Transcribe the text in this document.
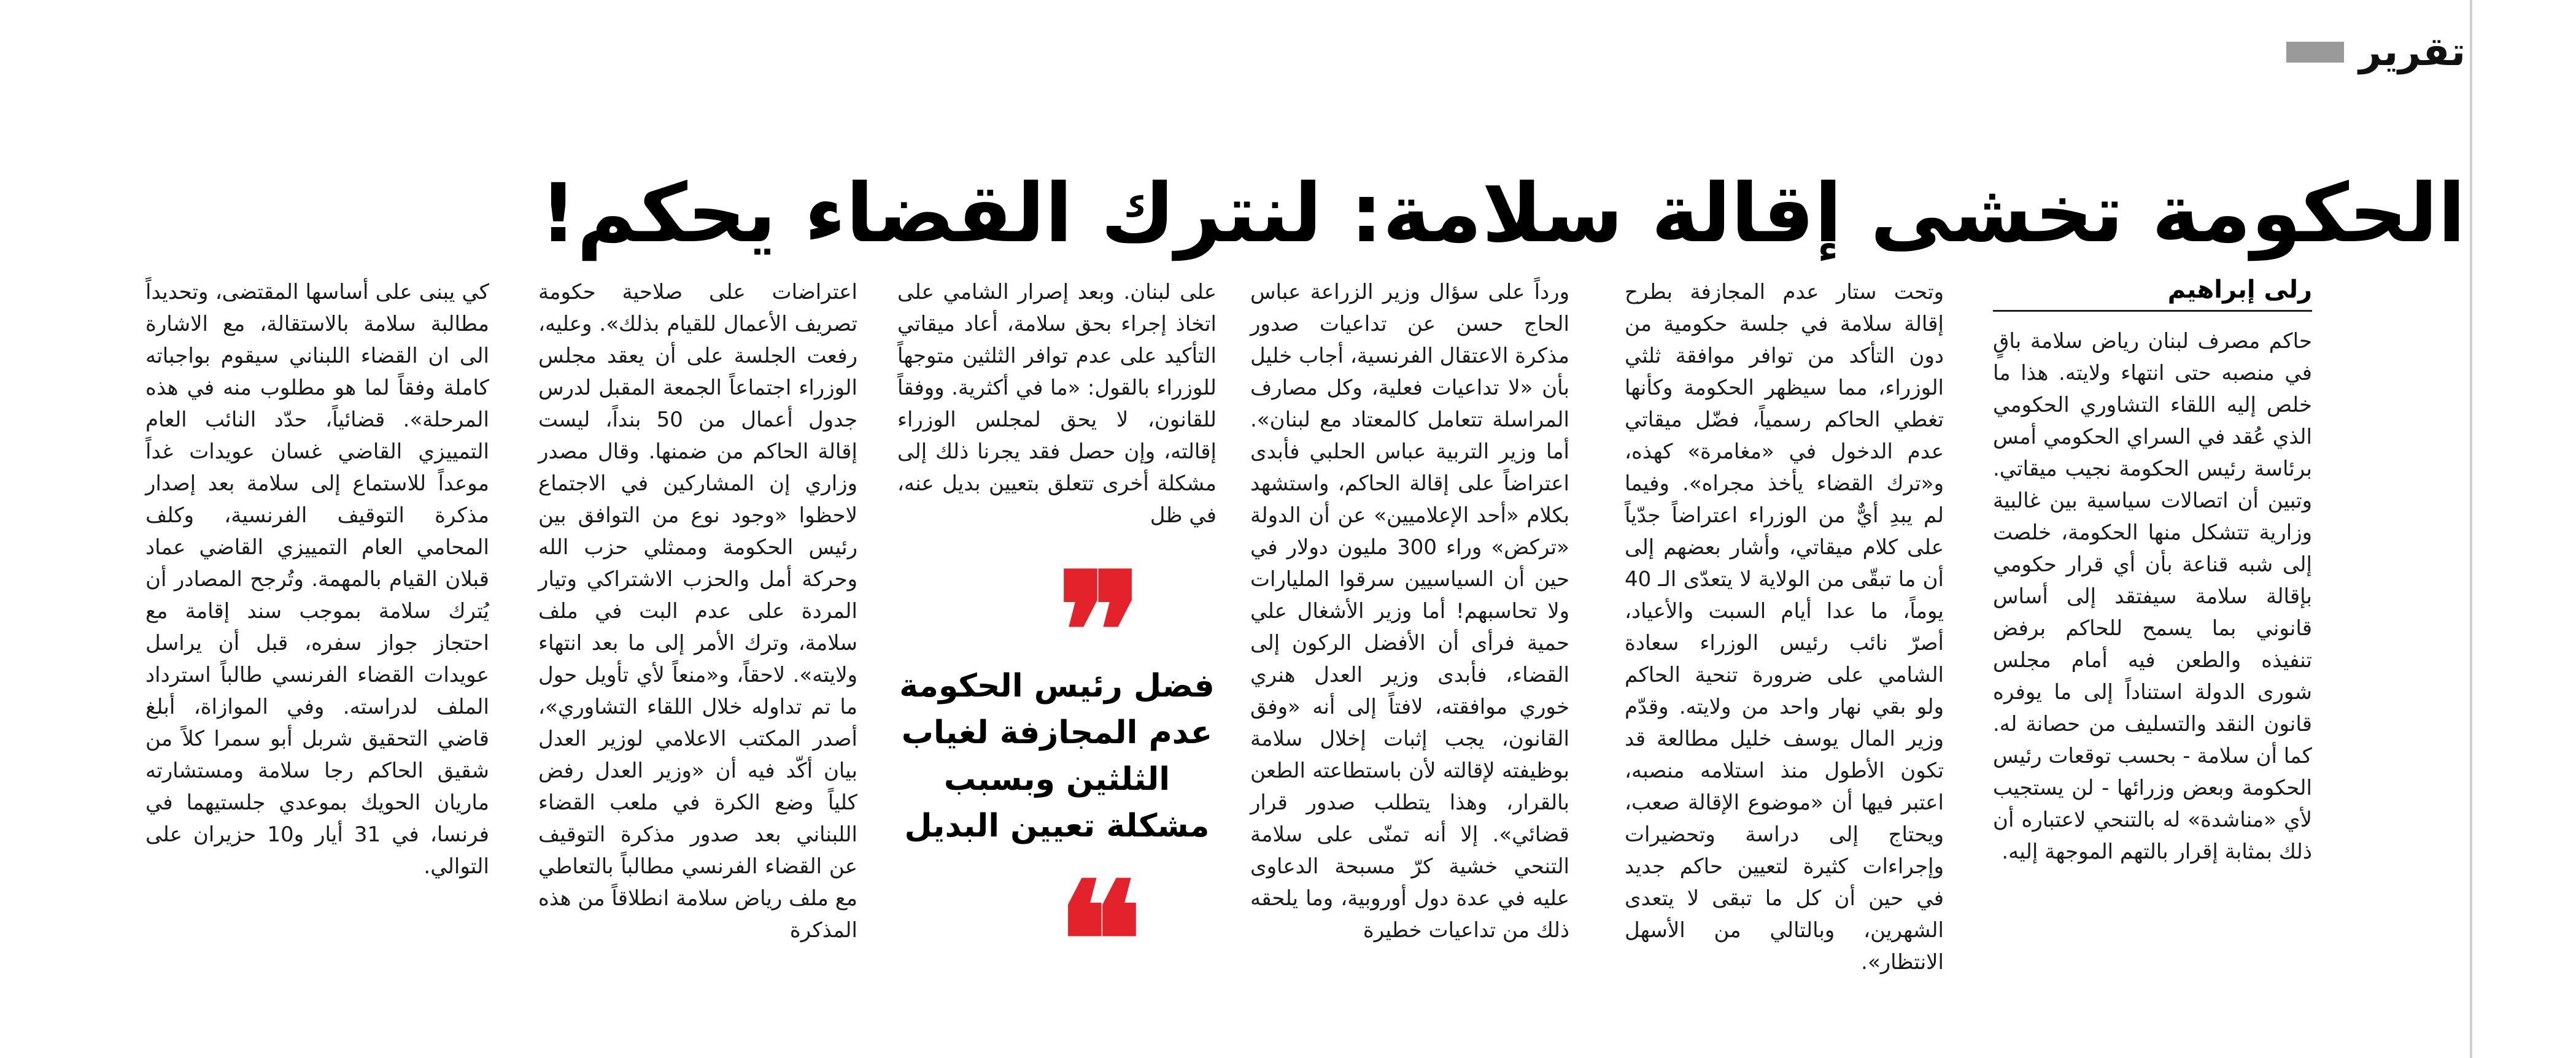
تقرير
الحكومة تخشى إقالة سلامة: لنترك القضاء يحكم!
رلى إبراهيم

حاكم مصرف لبنان رياض سلامة باقٍ في منصبه حتى انتهاء ولايته. هذا ما خلص إليه اللقاء التشاوري الحكومي الذي عُقد في السراي الحكومي أمس برئاسة رئيس الحكومة نجيب ميقاتي. وتبين أن اتصالات سياسية بين غالبية وزارية تتشكل منها الحكومة، خلصت إلى شبه قناعة بأن أي قرار حكومي بإقالة سلامة سيفتقد إلى أساس قانوني بما يسمح للحاكم برفض تنفيذه والطعن فيه أمام مجلس شورى الدولة استناداً إلى ما يوفره قانون النقد والتسليف من حصانة له. كما أن سلامة - بحسب توقعات رئيس الحكومة وبعض وزرائها - لن يستجيب لأي «مناشدة» له بالتنحي لاعتباره أن ذلك بمثابة إقرار بالتهم الموجهة إليه.

وتحت ستار عدم المجازفة بطرح إقالة سلامة في جلسة حكومية من دون التأكد من توافر موافقة ثلثي الوزراء، مما سيظهر الحكومة وكأنها تغطي الحاكم رسمياً، فضّل ميقاتي عدم الدخول في «مغامرة» كهذه، و«ترك القضاء يأخذ مجراه». وفيما لم يبدِ أيٌّ من الوزراء اعتراضاً جدّياً على كلام ميقاتي، وأشار بعضهم إلى أن ما تبقّى من الولاية لا يتعدّى الـ 40 يوماً، ما عدا أيام السبت والأعياد، أصرّ نائب رئيس الوزراء سعادة الشامي على ضرورة تنحية الحاكم ولو بقي نهار واحد من ولايته. وقدّم وزير المال يوسف خليل مطالعة قد تكون الأطول منذ استلامه منصبه، اعتبر فيها أن «موضوع الإقالة صعب، ويحتاج إلى دراسة وتحضيرات وإجراءات كثيرة لتعيين حاكم جديد في حين أن كل ما تبقى لا يتعدى الشهرين، وبالتالي من الأسهل الانتظار».

ورداً على سؤال وزير الزراعة عباس الحاج حسن عن تداعيات صدور مذكرة الاعتقال الفرنسية، أجاب خليل بأن «لا تداعيات فعلية، وكل مصارف المراسلة تتعامل كالمعتاد مع لبنان». أما وزير التربية عباس الحلبي فأبدى اعتراضاً على إقالة الحاكم، واستشهد بكلام «أحد الإعلاميين» عن أن الدولة «تركض» وراء 300 مليون دولار في حين أن السياسيين سرقوا المليارات ولا تحاسبهم! أما وزير الأشغال علي حمية فرأى أن الأفضل الركون إلى القضاء، فأبدى وزير العدل هنري خوري موافقته، لافتاً إلى أنه «وفق القانون، يجب إثبات إخلال سلامة بوظيفته لإقالته لأن باستطاعته الطعن بالقرار، وهذا يتطلب صدور قرار قضائي». إلا أنه تمنّى على سلامة التنحي خشية كرّ مسبحة الدعاوى عليه في عدة دول أوروبية، وما يلحقه ذلك من تداعيات خطيرة

على لبنان. وبعد إصرار الشامي على اتخاذ إجراء بحق سلامة، أعاد ميقاتي التأكيد على عدم توافر الثلثين متوجهاً للوزراء بالقول: «ما في أكثرية. ووفقاً للقانون، لا يحق لمجلس الوزراء إقالته، وإن حصل فقد يجرنا ذلك إلى مشكلة أخرى تتعلق بتعيين بديل عنه، في ظل

❞
فضل رئيس الحكومة عدم المجازفة لغياب الثلثين وبسبب مشكلة تعيين البديل
❝

اعتراضات على صلاحية حكومة تصريف الأعمال للقيام بذلك». وعليه، رفعت الجلسة على أن يعقد مجلس الوزراء اجتماعاً الجمعة المقبل لدرس جدول أعمال من 50 بنداً، ليست إقالة الحاكم من ضمنها. وقال مصدر وزاري إن المشاركين في الاجتماع لاحظوا «وجود نوع من التوافق بين رئيس الحكومة وممثلي حزب الله وحركة أمل والحزب الاشتراكي وتيار المردة على عدم البت في ملف سلامة، وترك الأمر إلى ما بعد انتهاء ولايته». لاحقاً، و«منعاً لأي تأويل حول ما تم تداوله خلال اللقاء التشاوري»، أصدر المكتب الاعلامي لوزير العدل بيان أكّد فيه أن «وزير العدل رفض كلياً وضع الكرة في ملعب القضاء اللبناني بعد صدور مذكرة التوقيف عن القضاء الفرنسي مطالباً بالتعاطي مع ملف رياض سلامة انطلاقاً من هذه المذكرة

كي يبنى على أساسها المقتضى، وتحديداً مطالبة سلامة بالاستقالة، مع الاشارة الى ان القضاء اللبناني سيقوم بواجباته كاملة وفقاً لما هو مطلوب منه في هذه المرحلة». قضائياً، حدّد النائب العام التمييزي القاضي غسان عويدات غداً موعداً للاستماع إلى سلامة بعد إصدار مذكرة التوقيف الفرنسية، وكلف المحامي العام التمييزي القاضي عماد قبلان القيام بالمهمة. وتُرجح المصادر أن يُترك سلامة بموجب سند إقامة مع احتجاز جواز سفره، قبل أن يراسل عويدات القضاء الفرنسي طالباً استرداد الملف لدراسته. وفي الموازاة، أبلغ قاضي التحقيق شربل أبو سمرا كلاً من شقيق الحاكم رجا سلامة ومستشارته ماريان الحويك بموعدي جلستيهما في فرنسا، في 31 أيار و10 حزيران على التوالي.
